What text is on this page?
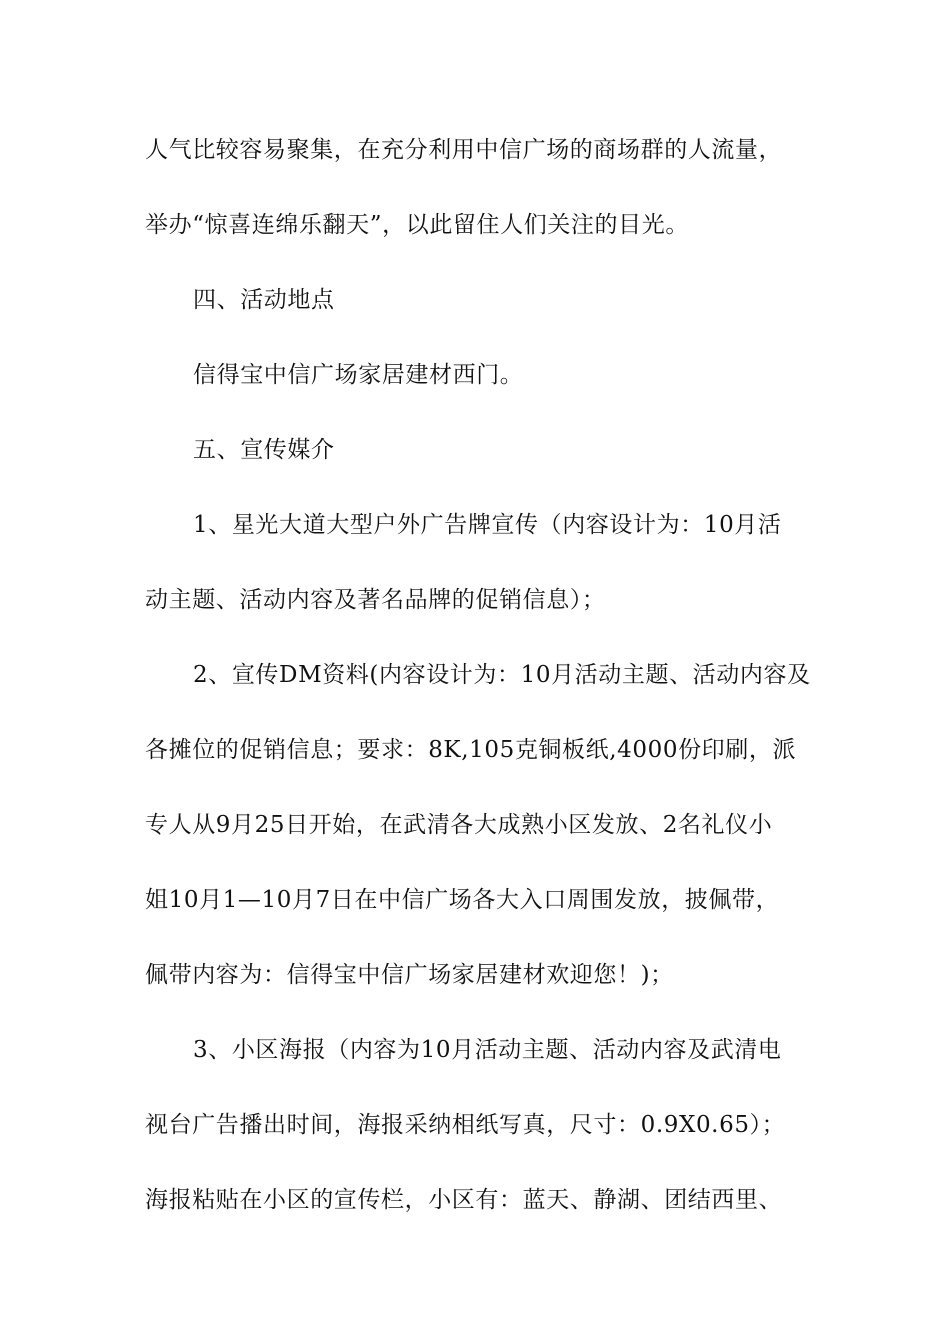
人气比较容易聚集，在充分利用中信广场的商场群的人流量，
举办“惊喜连绵乐翻天”，以此留住人们关注的目光。
四、活动地点
信得宝中信广场家居建材西门。
五、宣传媒介
1、星光大道大型户外广告牌宣传（内容设计为：10月活
动主题、活动内容及著名品牌的促销信息）；
2、宣传DM资料(内容设计为：10月活动主题、活动内容及
各摊位的促销信息；要求：8K,105克铜板纸,4000份印刷，派
专人从9月25日开始，在武清各大成熟小区发放、2名礼仪小
姐10月1—10月7日在中信广场各大入口周围发放，披佩带，
佩带内容为：信得宝中信广场家居建材欢迎您！)；
3、小区海报（内容为10月活动主题、活动内容及武清电
视台广告播出时间，海报采纳相纸写真，尺寸：0.9X0.65）；
海报粘贴在小区的宣传栏，小区有：蓝天、静湖、团结西里、
